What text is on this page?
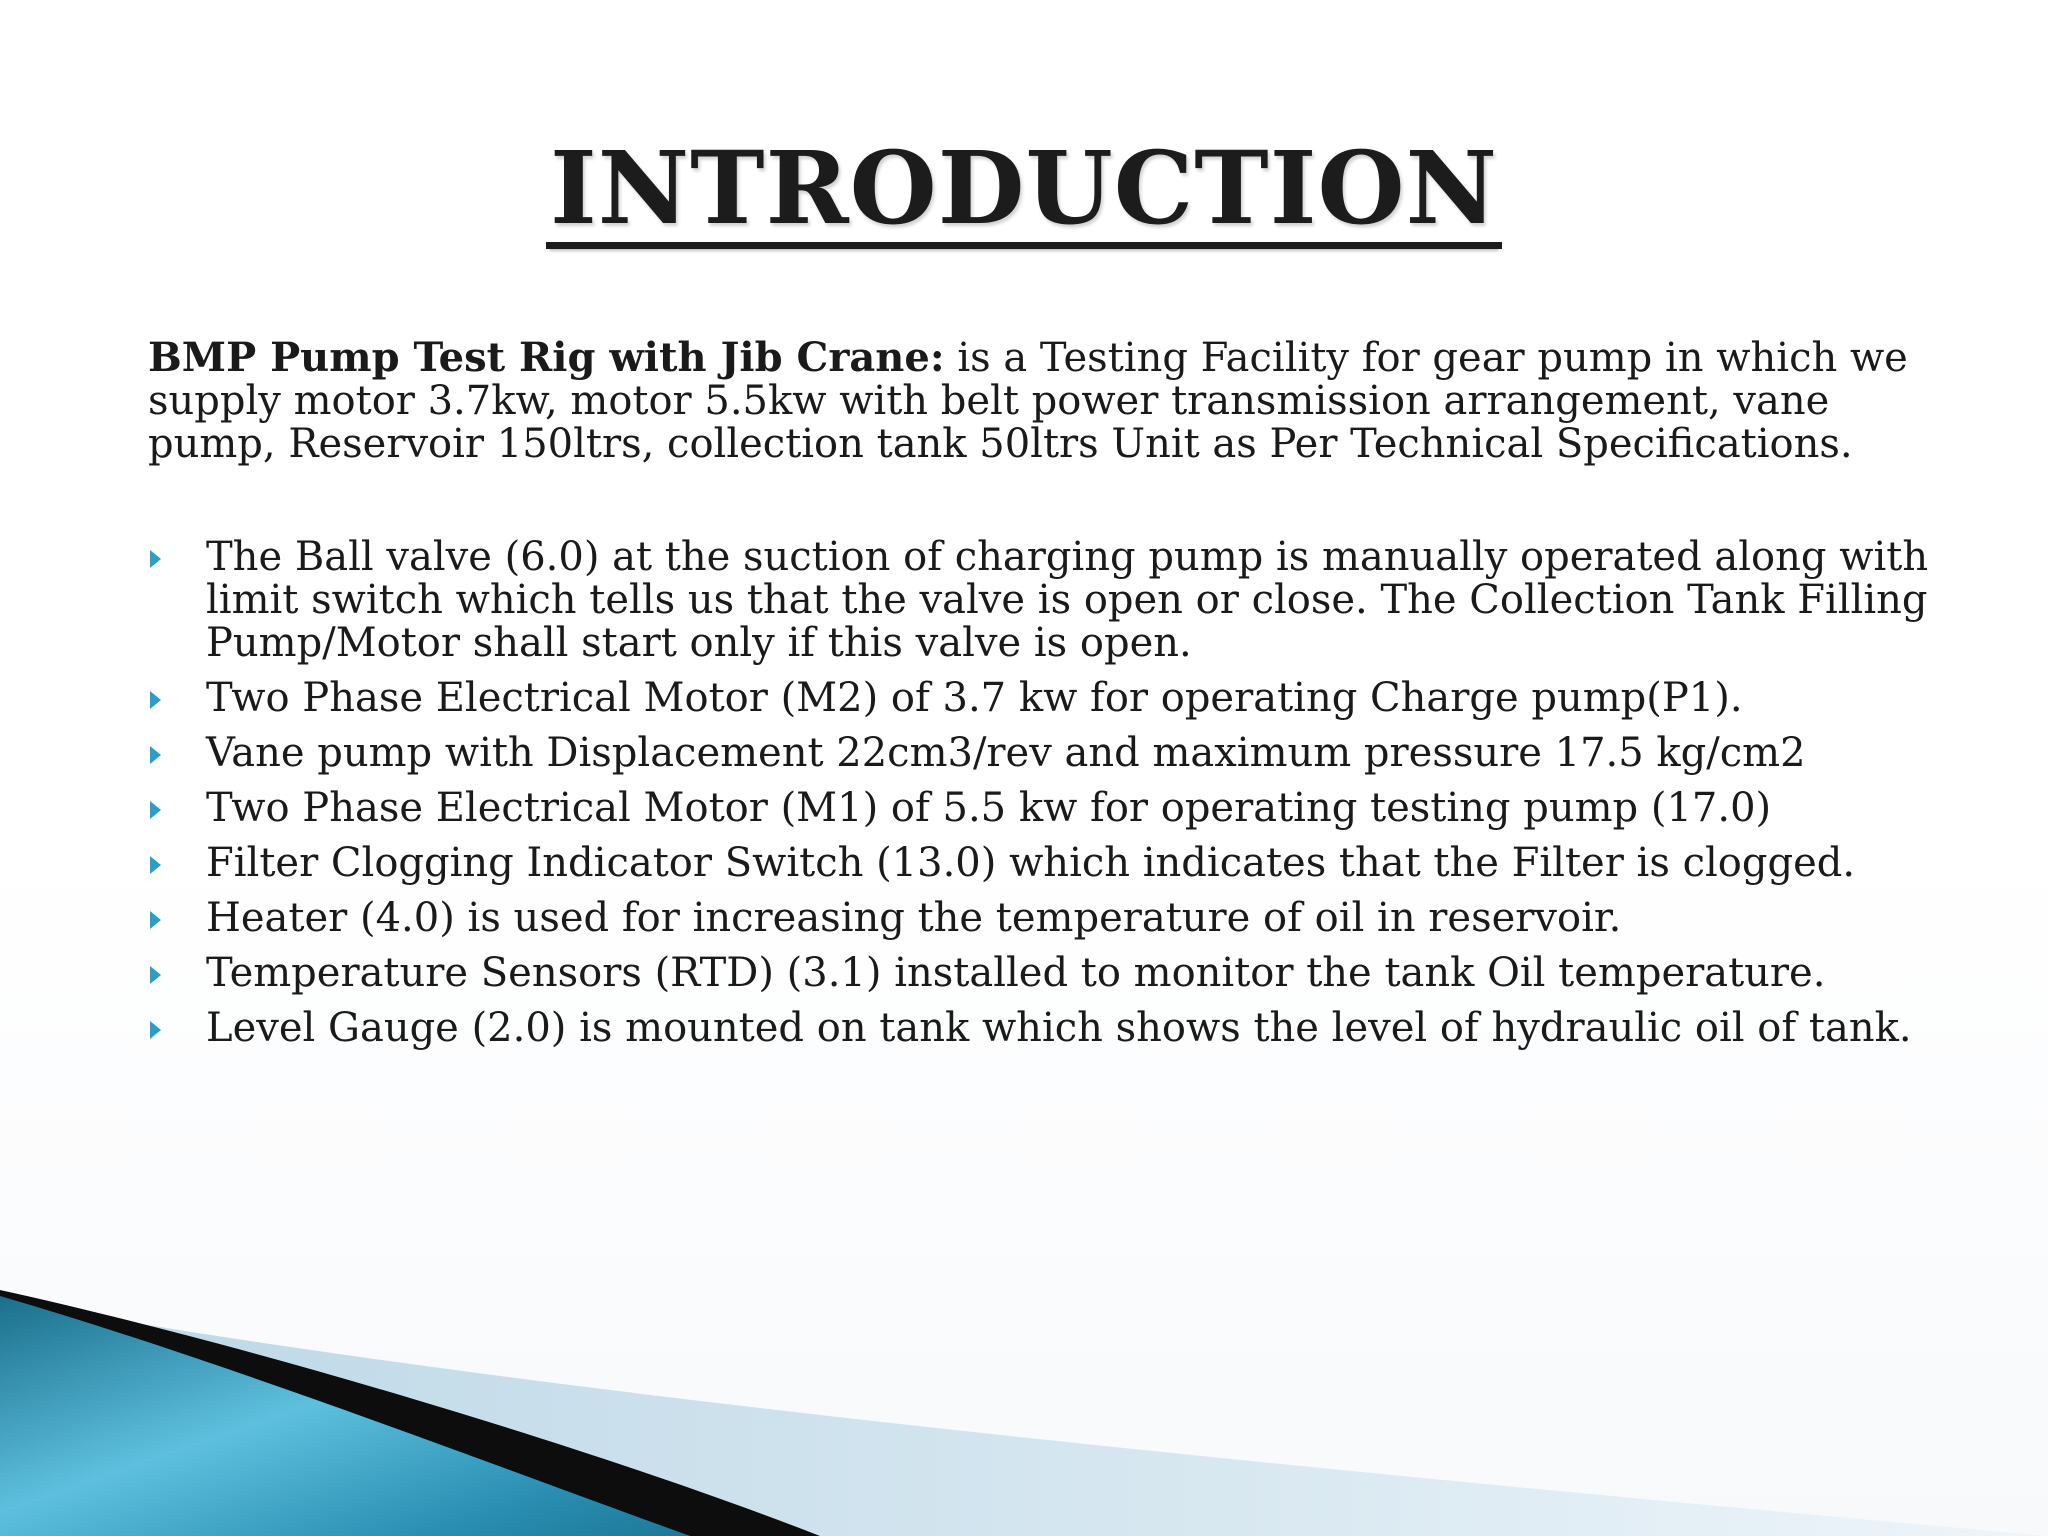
INTRODUCTION

BMP Pump Test Rig with Jib Crane: is a Testing Facility for gear pump in which we supply motor 3.7kw, motor 5.5kw with belt power transmission arrangement, vane pump, Reservoir 150ltrs, collection tank 50ltrs Unit as Per Technical Specifications.

The Ball valve (6.0) at the suction of charging pump is manually operated along with limit switch which tells us that the valve is open or close. The Collection Tank Filling Pump/Motor shall start only if this valve is open.
Two Phase Electrical Motor (M2) of 3.7 kw for operating Charge pump(P1).
Vane pump with Displacement 22cm3/rev and maximum pressure 17.5 kg/cm2
Two Phase Electrical Motor (M1) of 5.5 kw for operating testing pump (17.0)
Filter Clogging Indicator Switch (13.0) which indicates that the Filter is clogged.
Heater (4.0) is used for increasing the temperature of oil in reservoir.
Temperature Sensors (RTD) (3.1) installed to monitor the tank Oil temperature.
Level Gauge (2.0) is mounted on tank which shows the level of hydraulic oil of tank.
